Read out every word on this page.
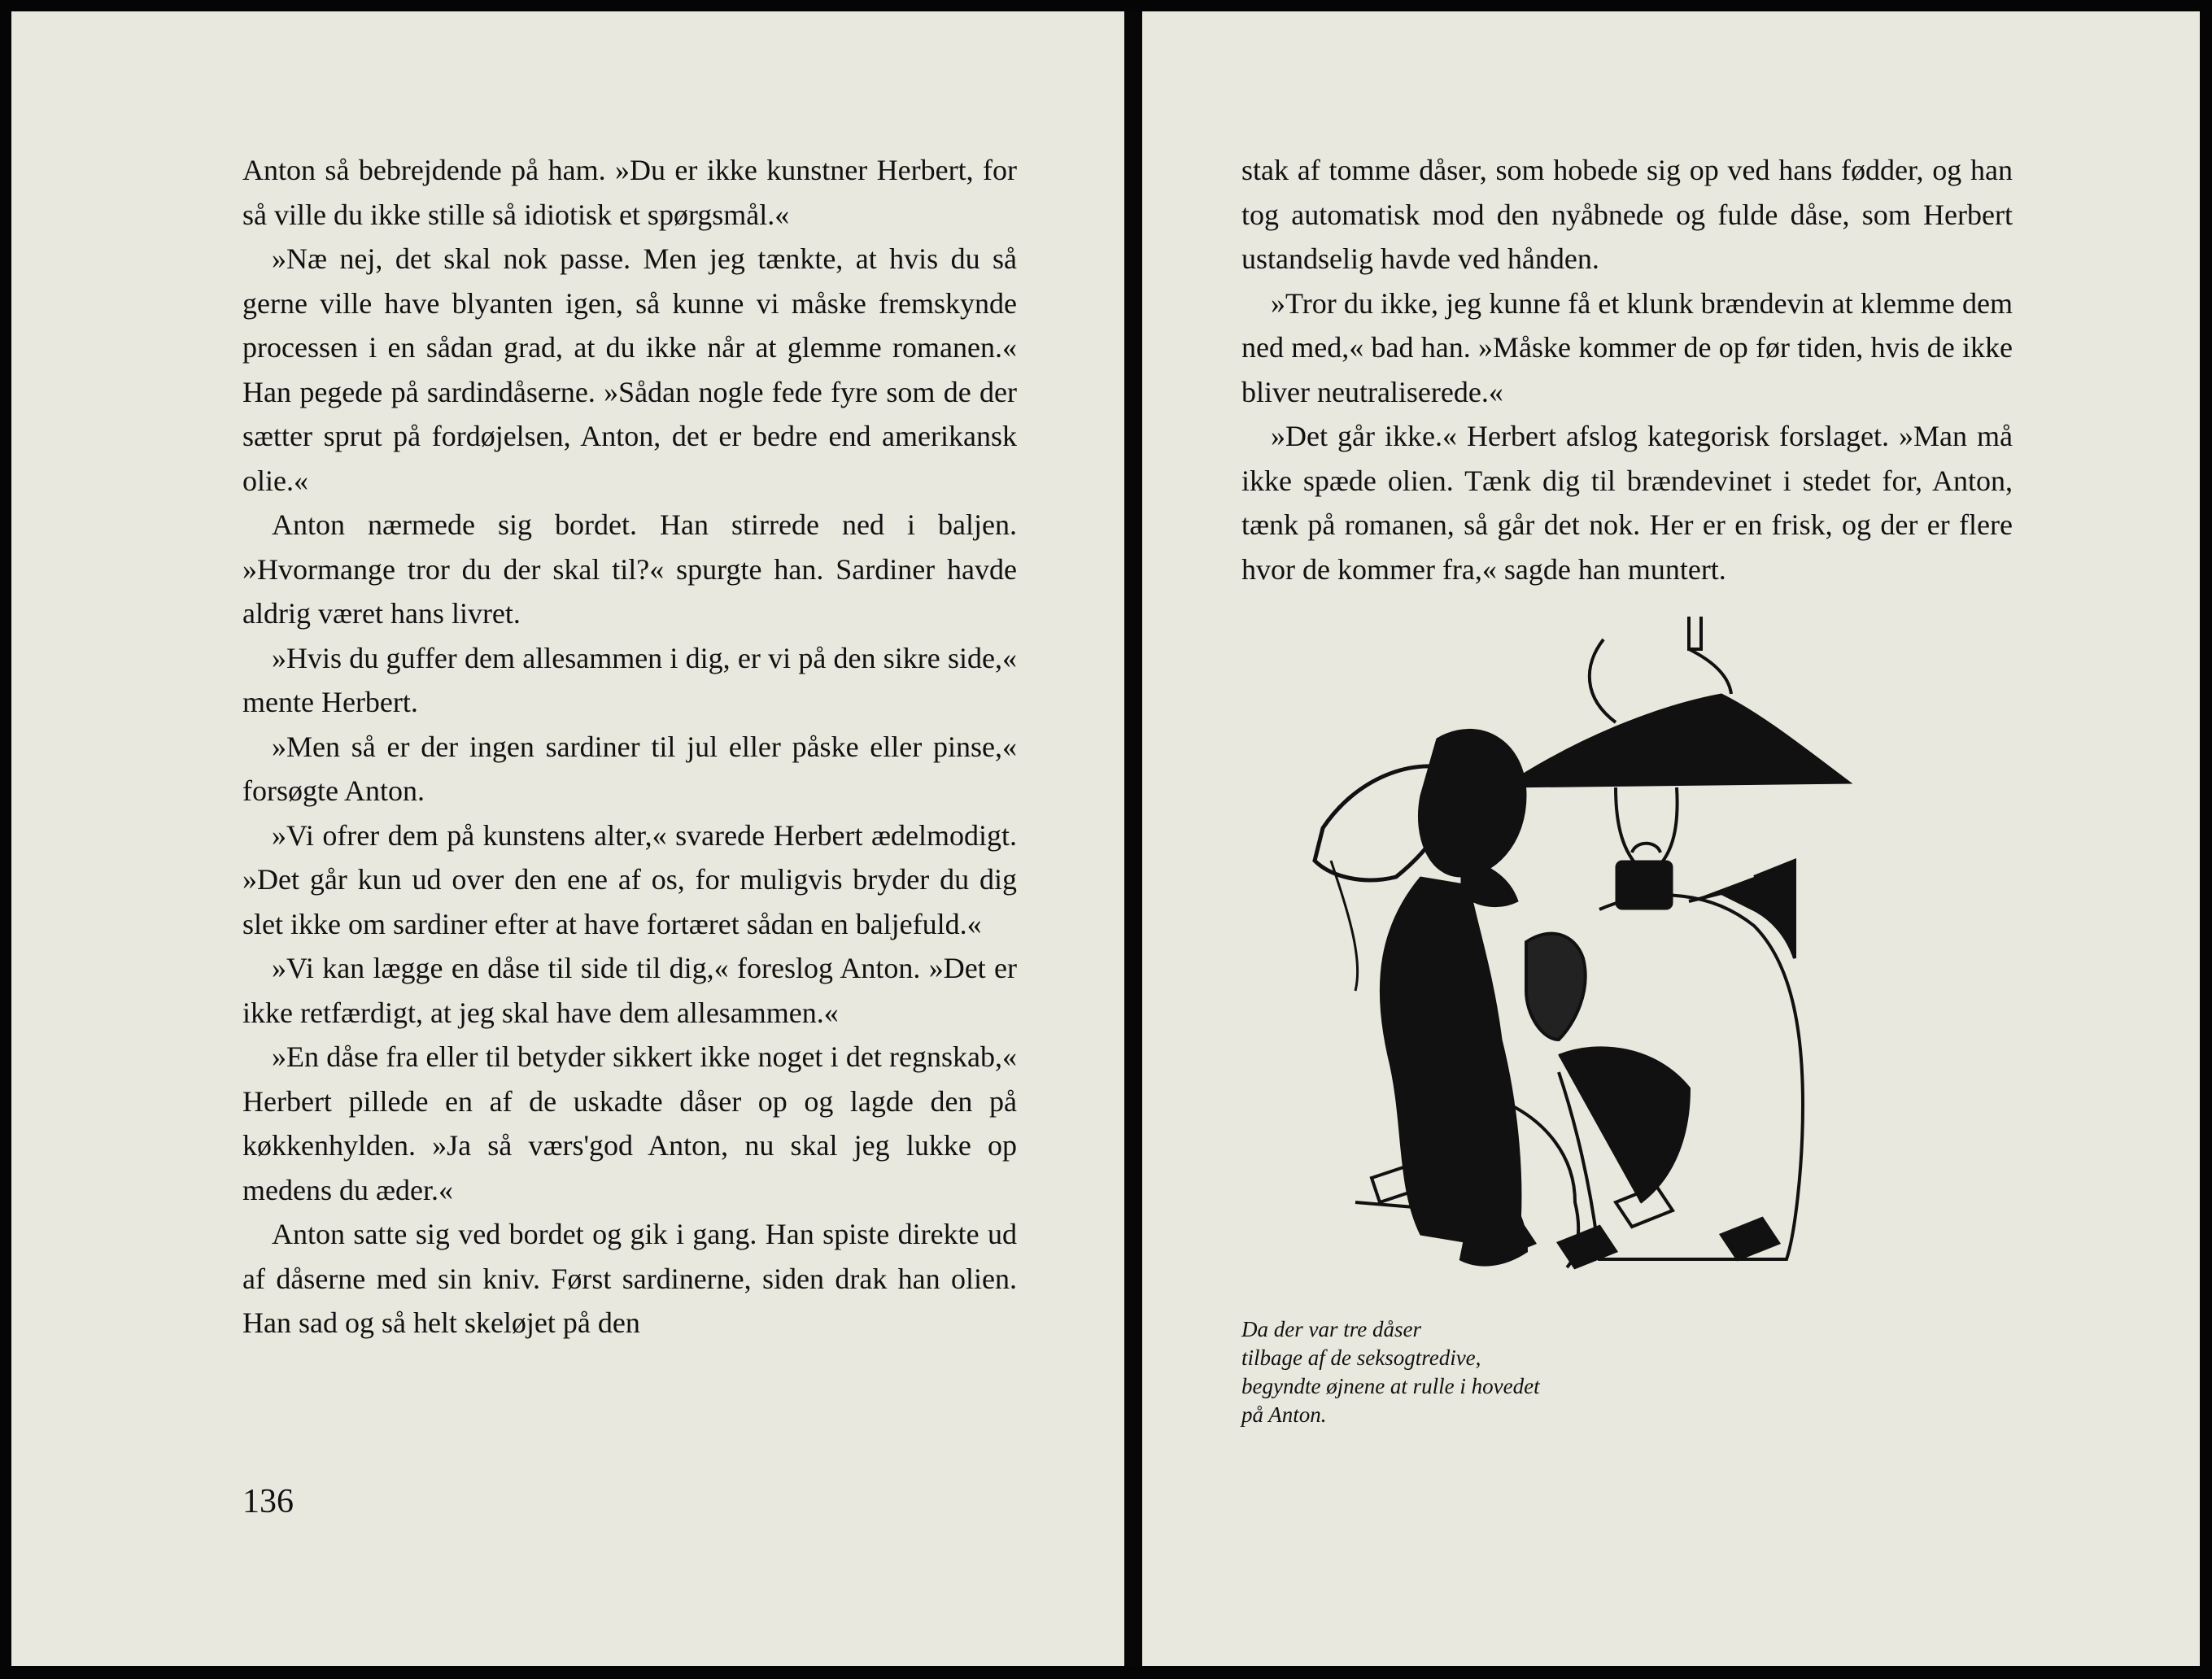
Anton så bebrejdende på ham. »Du er ikke kunstner Herbert, for så ville du ikke stille så idiotisk et spørgsmål.«

»Næ nej, det skal nok passe. Men jeg tænkte, at hvis du så gerne ville have blyanten igen, så kunne vi måske fremskynde processen i en sådan grad, at du ikke når at glemme romanen.« Han pegede på sardindåserne. »Sådan nogle fede fyre som de der sætter sprut på fordøjelsen, Anton, det er bedre end amerikansk olie.«

Anton nærmede sig bordet. Han stirrede ned i baljen. »Hvormange tror du der skal til?« spurgte han. Sardiner havde aldrig været hans livret.

»Hvis du guffer dem allesammen i dig, er vi på den sikre side,« mente Herbert.

»Men så er der ingen sardiner til jul eller påske eller pinse,« forsøgte Anton.

»Vi ofrer dem på kunstens alter,« svarede Herbert ædelmodigt. »Det går kun ud over den ene af os, for muligvis bryder du dig slet ikke om sardiner efter at have fortæret sådan en baljefuld.«

»Vi kan lægge en dåse til side til dig,« foreslog Anton. »Det er ikke retfærdigt, at jeg skal have dem allesammen.«

»En dåse fra eller til betyder sikkert ikke noget i det regnskab,« Herbert pillede en af de uskadte dåser op og lagde den på køkkenhylden. »Ja så værs'god Anton, nu skal jeg lukke op medens du æder.«

Anton satte sig ved bordet og gik i gang. Han spiste direkte ud af dåserne med sin kniv. Først sardinerne, siden drak han olien. Han sad og så helt skeløjet på den

136

stak af tomme dåser, som hobede sig op ved hans fødder, og han tog automatisk mod den nyåbnede og fulde dåse, som Herbert ustandselig havde ved hånden.

»Tror du ikke, jeg kunne få et klunk brændevin at klemme dem ned med,« bad han. »Måske kommer de op før tiden, hvis de ikke bliver neutraliserede.«

»Det går ikke.« Herbert afslog kategorisk forslaget. »Man må ikke spæde olien. Tænk dig til brændevinet i stedet for, Anton, tænk på romanen, så går det nok. Her er en frisk, og der er flere hvor de kommer fra,« sagde han muntert.

Da der var tre dåser
tilbage af de seksogtredive,
begyndte øjnene at rulle i hovedet
på Anton.
